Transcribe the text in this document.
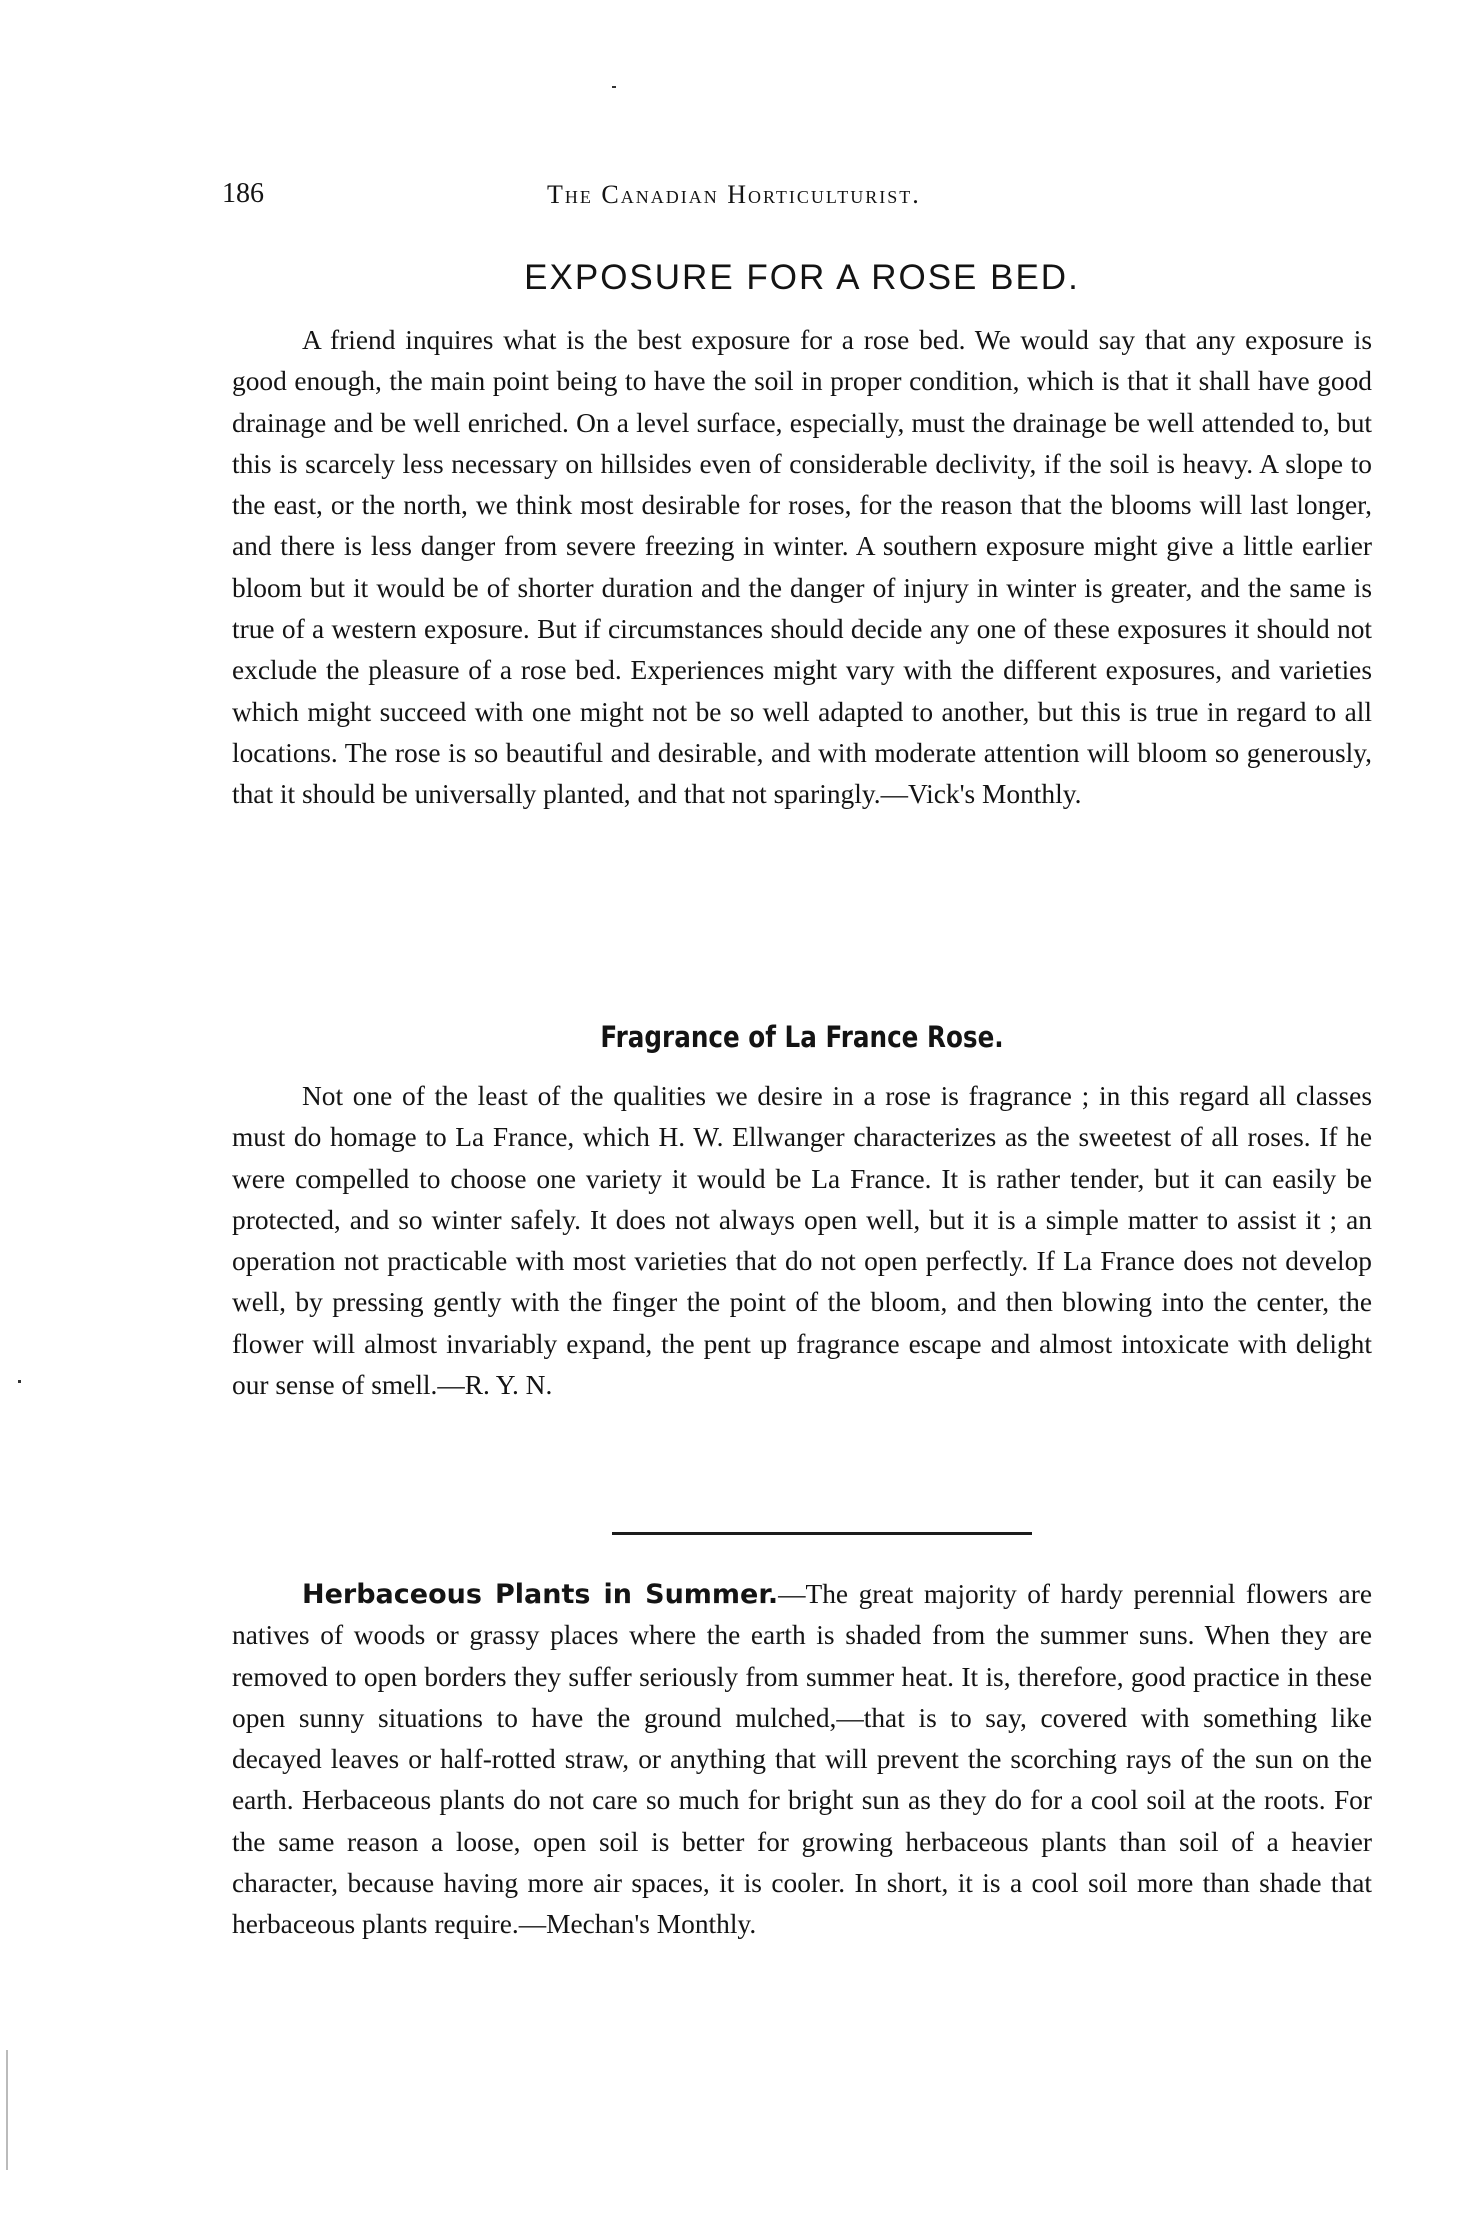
186	The Canadian Horticulturist.
EXPOSURE FOR A ROSE BED.

A friend inquires what is the best exposure for a rose bed. We would say that any exposure is good enough, the main point being to have the soil in proper condition, which is that it shall have good drainage and be well enriched. On a level surface, especially, must the drainage be well attended to, but this is scarcely less necessary on hillsides even of considerable declivity, if the soil is heavy. A slope to the east, or the north, we think most desirable for roses, for the reason that the blooms will last longer, and there is less danger from severe freezing in winter. A southern exposure might give a little earlier bloom but it would be of shorter duration and the danger of injury in winter is greater, and the same is true of a western exposure. But if circumstances should decide any one of these exposures it should not exclude the pleasure of a rose bed. Experiences might vary with the different exposures, and varieties which might succeed with one might not be so well adapted to another, but this is true in regard to all locations. The rose is so beautiful and desirable, and with moderate attention will bloom so generously, that it should be universally planted, and that not sparingly.—Vick's Monthly.

Fragrance of La France Rose.

Not one of the least of the qualities we desire in a rose is fragrance ; in this regard all classes must do homage to La France, which H. W. Ellwanger characterizes as the sweetest of all roses. If he were compelled to choose one variety it would be La France. It is rather tender, but it can easily be protected, and so winter safely. It does not always open well, but it is a simple matter to assist it ; an operation not practicable with most varieties that do not open perfectly. If La France does not develop well, by pressing gently with the finger the point of the bloom, and then blowing into the center, the flower will almost invariably expand, the pent up fragrance escape and almost intoxicate with delight our sense of smell.—R. Y. N.

Herbaceous Plants in Summer.—The great majority of hardy perennial flowers are natives of woods or grassy places where the earth is shaded from the summer suns. When they are removed to open borders they suffer seriously from summer heat. It is, therefore, good practice in these open sunny situations to have the ground mulched,—that is to say, covered with something like decayed leaves or half-rotted straw, or anything that will prevent the scorching rays of the sun on the earth. Herbaceous plants do not care so much for bright sun as they do for a cool soil at the roots. For the same reason a loose, open soil is better for growing herbaceous plants than soil of a heavier character, because having more air spaces, it is cooler. In short, it is a cool soil more than shade that herbaceous plants require.—Mechan's Monthly.
